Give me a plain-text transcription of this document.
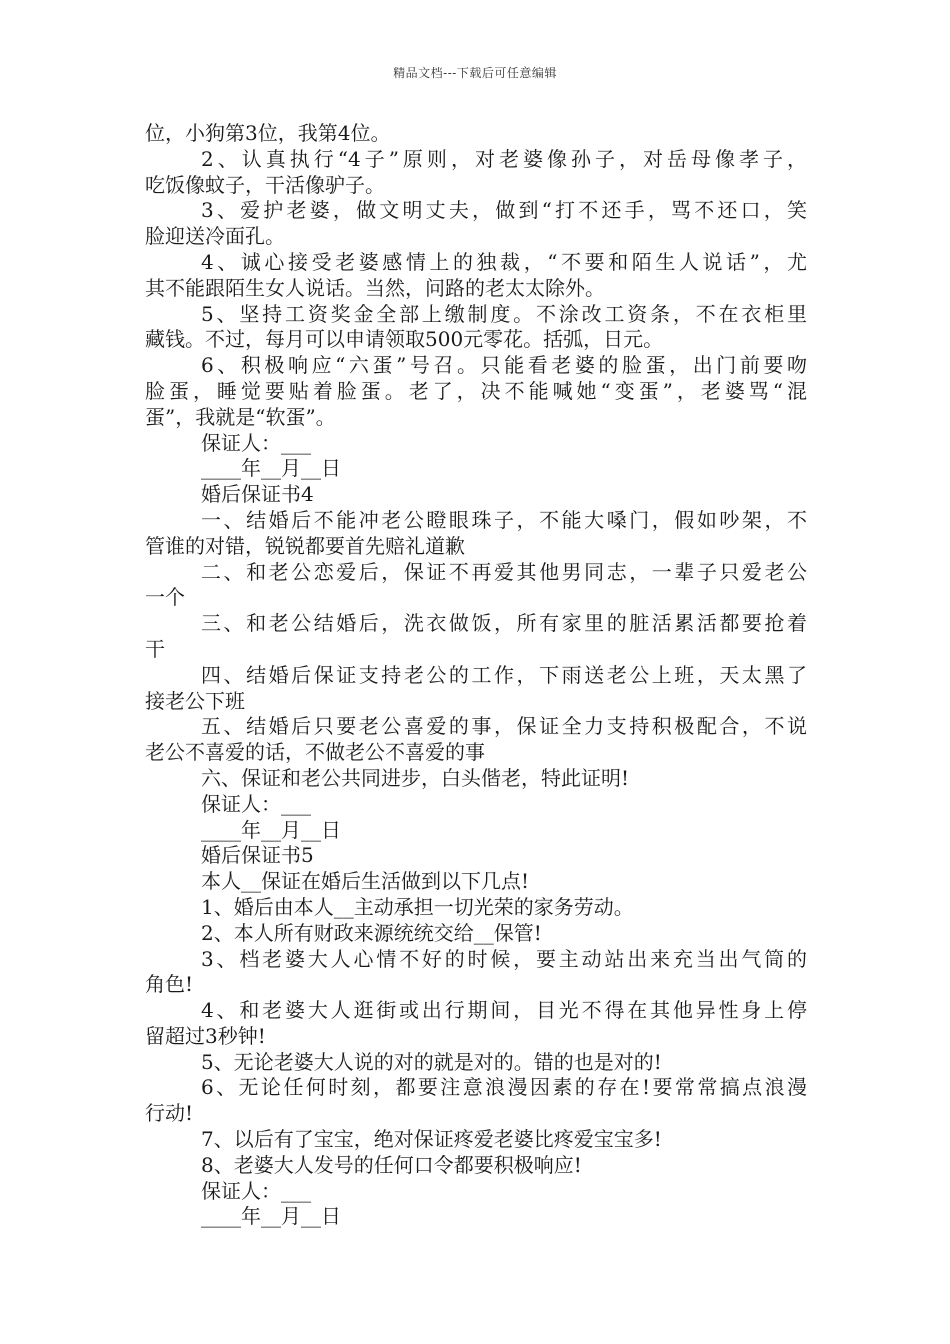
精品文档---下载后可任意编辑
位，小狗第3位，我第4位。
2、认真执行“4子”原则，对老婆像孙子，对岳母像孝子，
吃饭像蚊子，干活像驴子。
3、爱护老婆，做文明丈夫，做到“打不还手，骂不还口，笑
脸迎送冷面孔。
4、诚心接受老婆感情上的独裁，“不要和陌生人说话”，尤
其不能跟陌生女人说话。当然，问路的老太太除外。
5、坚持工资奖金全部上缴制度。不涂改工资条，不在衣柜里
藏钱。不过，每月可以申请领取500元零花。括弧，日元。
6、积极响应“六蛋”号召。只能看老婆的脸蛋，出门前要吻
脸蛋，睡觉要贴着脸蛋。老了，决不能喊她“变蛋”，老婆骂“混
蛋”，我就是“软蛋”。
保证人：___
____年__月__日
婚后保证书4
一、结婚后不能冲老公瞪眼珠子，不能大嗓门，假如吵架，不
管谁的对错，锐锐都要首先赔礼道歉
二、和老公恋爱后，保证不再爱其他男同志，一辈子只爱老公
一个
三、和老公结婚后，洗衣做饭，所有家里的脏活累活都要抢着
干
四、结婚后保证支持老公的工作，下雨送老公上班，天太黑了
接老公下班
五、结婚后只要老公喜爱的事，保证全力支持积极配合，不说
老公不喜爱的话，不做老公不喜爱的事
六、保证和老公共同进步，白头偕老，特此证明!
保证人：___
____年__月__日
婚后保证书5
本人__保证在婚后生活做到以下几点!
1、婚后由本人__主动承担一切光荣的家务劳动。
2、本人所有财政来源统统交给__保管!
3、档老婆大人心情不好的时候，要主动站出来充当出气筒的
角色!
4、和老婆大人逛街或出行期间，目光不得在其他异性身上停
留超过3秒钟!
5、无论老婆大人说的对的就是对的。错的也是对的!
6、无论任何时刻，都要注意浪漫因素的存在!要常常搞点浪漫
行动!
7、以后有了宝宝，绝对保证疼爱老婆比疼爱宝宝多!
8、老婆大人发号的任何口令都要积极响应!
保证人：___
____年__月__日
